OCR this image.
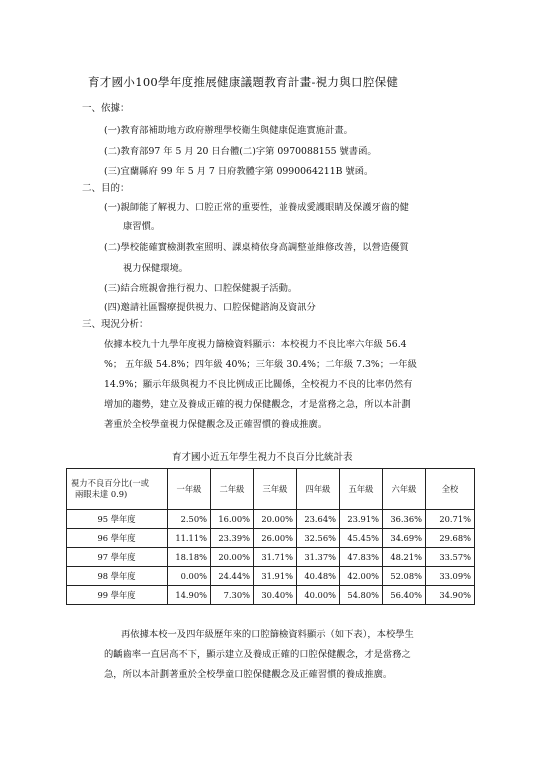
育才國小100學年度推展健康議題教育計畫-視力與口腔保健
一、依據：
(一)教育部補助地方政府辦理學校衛生與健康促進實施計畫。
(二)教育部97 年 5 月 20 日台體(二)字第 0970088155 號書函。
(三)宜蘭縣府 99 年 5 月 7 日府教體字第 0990064211B 號函。
二、目的：
(一)親師能了解視力、口腔正常的重要性，並養成愛護眼睛及保護牙齒的健
康習慣。
(二)學校能確實檢測教室照明、課桌椅依身高調整並維修改善，以營造優質
視力保健環境。
(三)結合班親會推行視力、口腔保健親子活動。
(四)邀請社區醫療提供視力、口腔保健諮詢及資訊分
三、現況分析：
依據本校九十九學年度視力篩檢資料顯示：本校視力不良比率六年級 56.4
%； 五年級 54.8%；四年級 40%；三年級 30.4%；二年級 7.3%；一年級
14.9%；顯示年級與視力不良比例成正比關係，全校視力不良的比率仍然有
增加的趨勢，建立及養成正確的視力保健觀念，才是當務之急，所以本計劃
著重於全校學童視力保健觀念及正確習慣的養成推廣。
育才國小近五年學生視力不良百分比統計表
視力不良百分比(一或
兩眼未達 0.9)	一年級	二年級	三年級	四年級	五年級	六年級	全校
95 學年度	2.50%	16.00%	20.00%	23.64%	23.91%	36.36%	20.71%
96 學年度	11.11%	23.39%	26.00%	32.56%	45.45%	34.69%	29.68%
97 學年度	18.18%	20.00%	31.71%	31.37%	47.83%	48.21%	33.57%
98 學年度	0.00%	24.44%	31.91%	40.48%	42.00%	52.08%	33.09%
99 學年度	14.90%	7.30%	30.40%	40.00%	54.80%	56.40%	34.90%
再依據本校一及四年級歷年來的口腔篩檢資料顯示（如下表），本校學生
的齲齒率一直居高不下，顯示建立及養成正確的口腔保健觀念，才是當務之
急，所以本計劃著重於全校學童口腔保健觀念及正確習慣的養成推廣。
